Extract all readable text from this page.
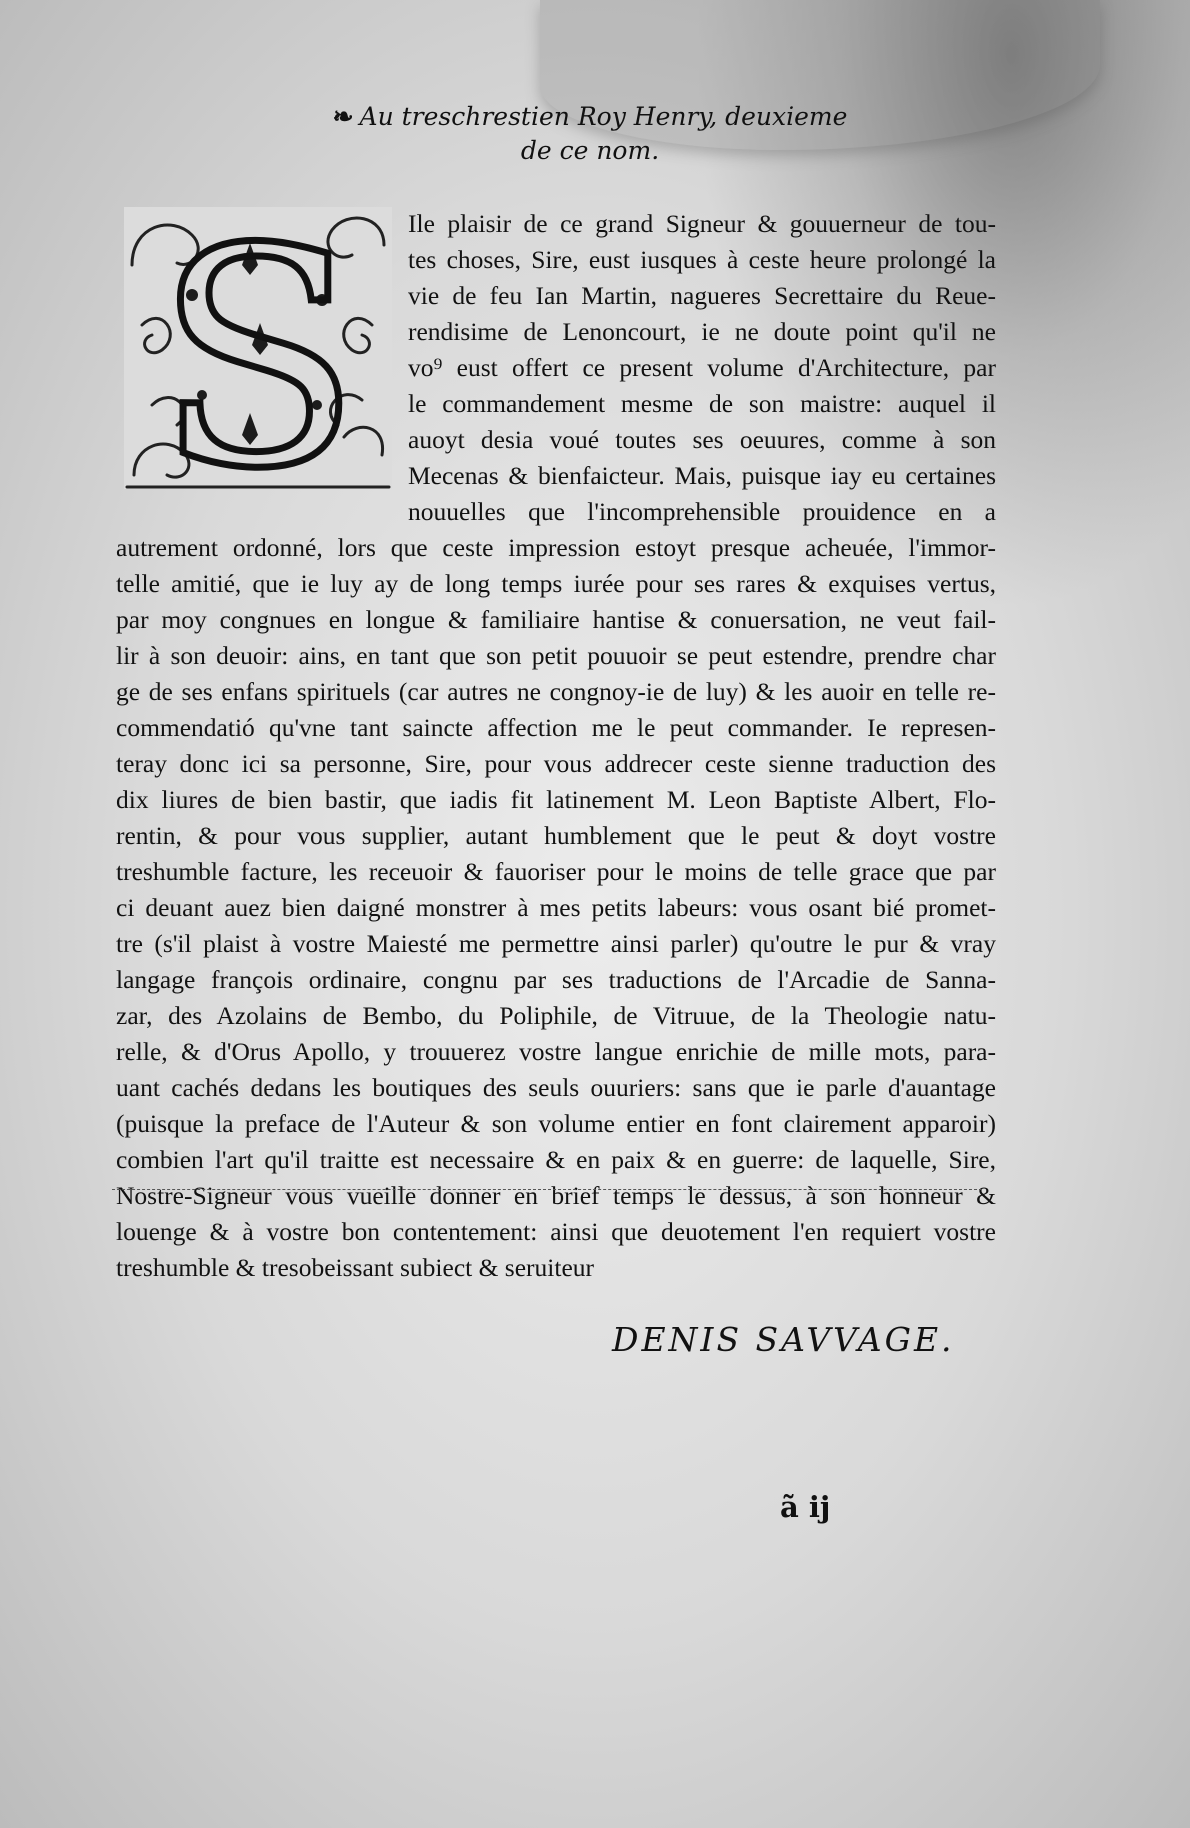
❧ Au treschrestien Roy Henry, deuxieme
de ce nom.
S Ile plaisir de ce grand Signeur & gouuerneur de tou-
tes choses, Sire, eust iusques à ceste heure prolongé la
vie de feu Ian Martin, nagueres Secrettaire du Reue-
rendisime de Lenoncourt, ie ne doute point qu'il ne
vo⁹ eust offert ce present volume d'Architecture, par
le commandement mesme de son maistre: auquel il
auoyt desia voué toutes ses oeuures, comme à son
Mecenas & bienfaicteur. Mais, puisque iay eu certaines
nouuelles que l'incomprehensible prouidence en a
autrement ordonné, lors que ceste impression estoyt presque acheuée, l'immor-
telle amitié, que ie luy ay de long temps iurée pour ses rares & exquises vertus,
par moy congnues en longue & familiaire hantise & conuersation, ne veut fail-
lir à son deuoir: ains, en tant que son petit pouuoir se peut estendre, prendre char
ge de ses enfans spirituels (car autres ne congnoy-ie de luy) & les auoir en telle re-
commendatió qu'vne tant saincte affection me le peut commander. Ie represen-
teray donc ici sa personne, Sire, pour vous addrecer ceste sienne traduction des
dix liures de bien bastir, que iadis fit latinement M. Leon Baptiste Albert, Flo-
rentin, & pour vous supplier, autant humblement que le peut & doyt vostre
treshumble facture, les receuoir & fauoriser pour le moins de telle grace que par
ci deuant auez bien daigné monstrer à mes petits labeurs: vous osant bié promet-
tre (s'il plaist à vostre Maiesté me permettre ainsi parler) qu'outre le pur & vray
langage françois ordinaire, congnu par ses traductions de l'Arcadie de Sanna-
zar, des Azolains de Bembo, du Poliphile, de Vitruue, de la Theologie natu-
relle, & d'Orus Apollo, y trouuerez vostre langue enrichie de mille mots, para-
uant cachés dedans les boutiques des seuls ouuriers: sans que ie parle d'auantage
(puisque la preface de l'Auteur & son volume entier en font clairement apparoir)
combien l'art qu'il traitte est necessaire & en paix & en guerre: de laquelle, Sire,
Nostre-Signeur vous vueille donner en brief temps le dessus, à son honneur &
louenge & à vostre bon contentement: ainsi que deuotement l'en requiert vostre
treshumble & tresobeissant subiect & seruiteur
DENIS SAVVAGE.
ã ij
